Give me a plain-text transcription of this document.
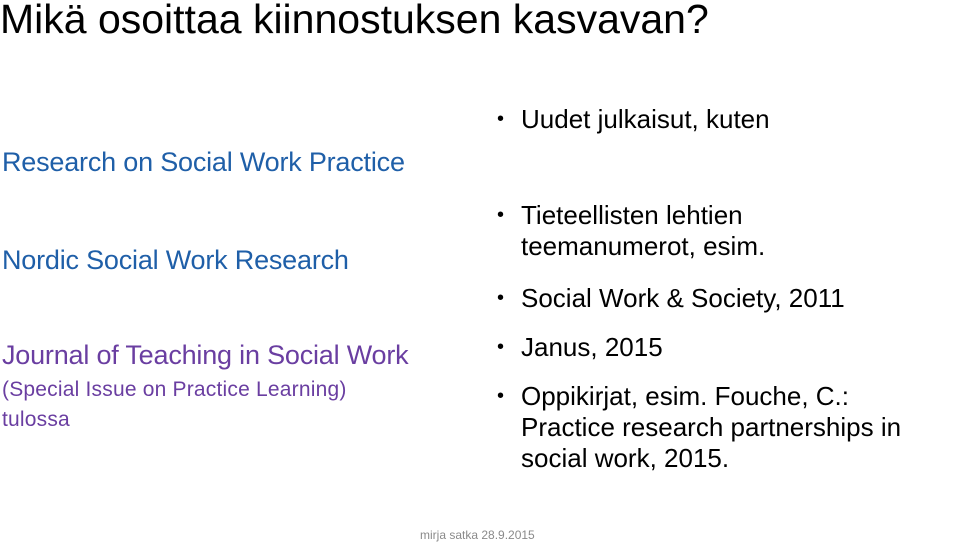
Mikä osoittaa kiinnostuksen kasvavan?
Research on Social Work Practice
Nordic Social Work Research
Journal of Teaching in Social Work
(Special Issue on Practice Learning)
tulossa
• Uudet julkaisut, kuten
• Tieteellisten lehtien
teemanumerot, esim.
• Social Work & Society, 2011
• Janus, 2015
• Oppikirjat, esim. Fouche, C.:
Practice research partnerships in
social work, 2015.
mirja satka 28.9.2015
